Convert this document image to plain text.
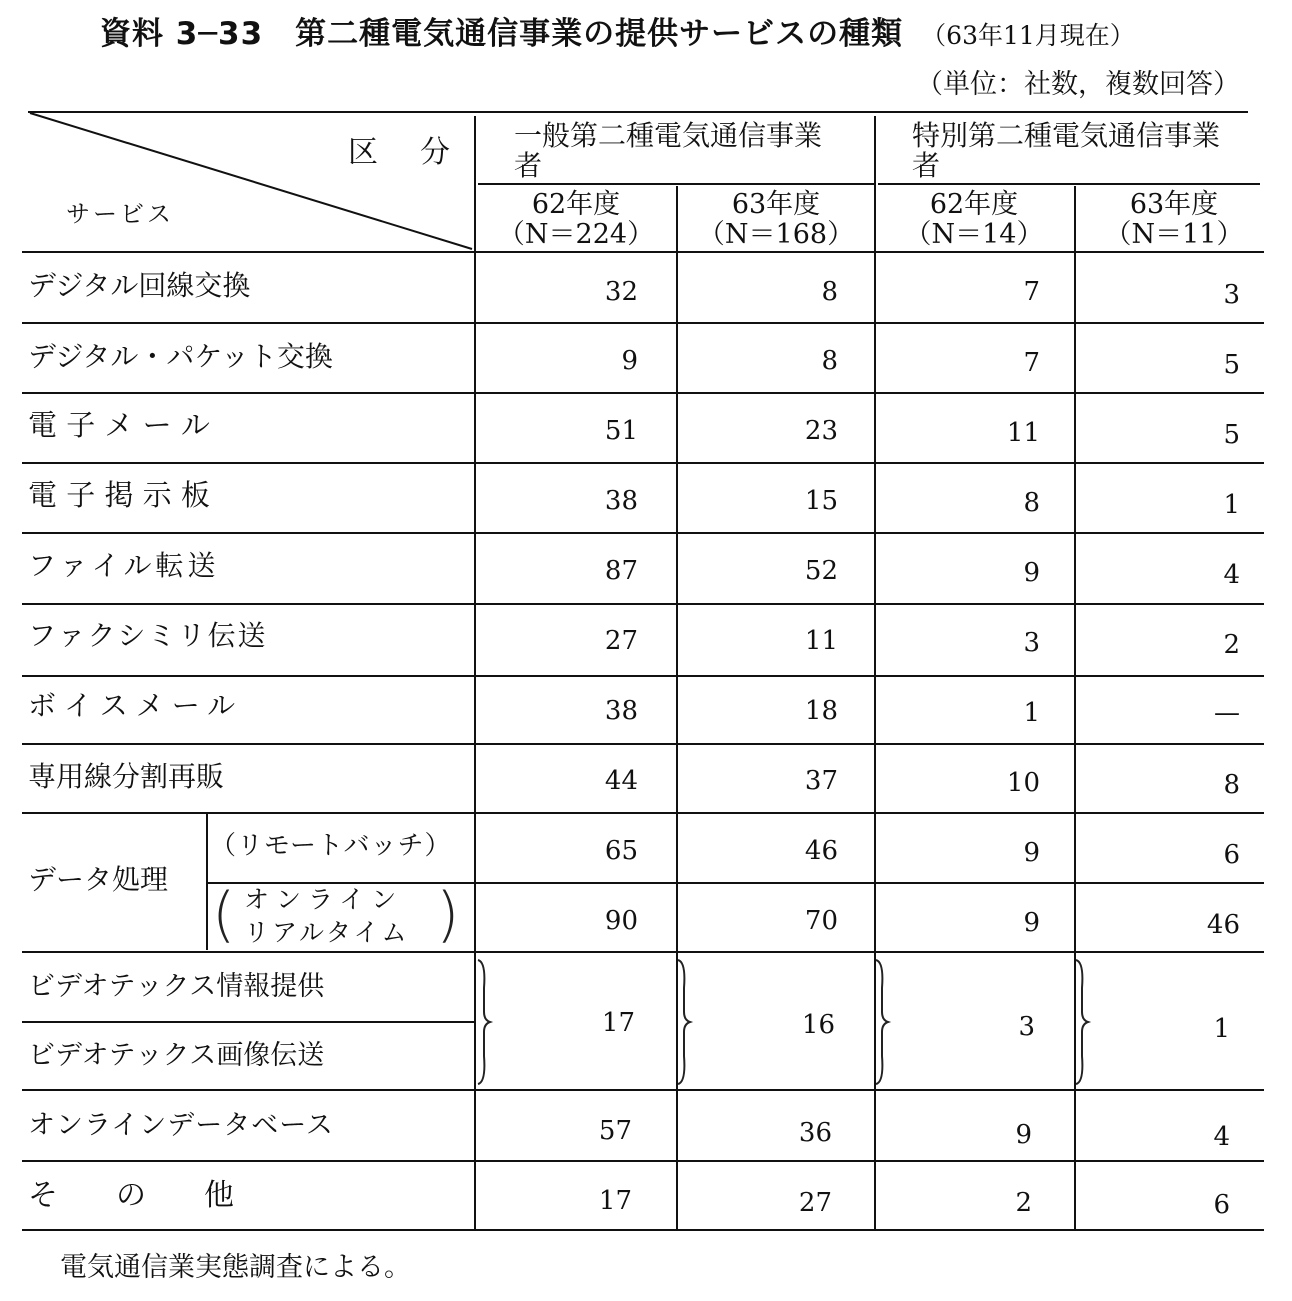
資料 3─33　第二種電気通信事業の提供サービスの種類 （63年11月現在）
（単位：社数，複数回答）
区　分
サービス
一般第二種電気通信事業者
特別第二種電気通信事業者
62年度
（N＝224）
63年度
（N＝168）
62年度
（N＝14）
63年度
（N＝11）
デジタル回線交換	32	8	7	3
デジタル・パケット交換	9	8	7	5
電 子 メ ー ル	51	23	11	5
電 子 掲 示 板	38	15	8	1
ファイル転送	87	52	9	4
ファクシミリ伝送	27	11	3	2
ボイスメール	38	18	1	—
専用線分割再販	44	37	10	8
データ処理
（リモートバッチ）	65	46	9	6
( オンライン
リアルタイム )	90	70	9	46
ビデオテックス情報提供
ビデオテックス画像伝送
17	16	3	1
オンラインデータベース	57	36	9	4
そ　の　他	17	27	2	6
電気通信業実態調査による。
